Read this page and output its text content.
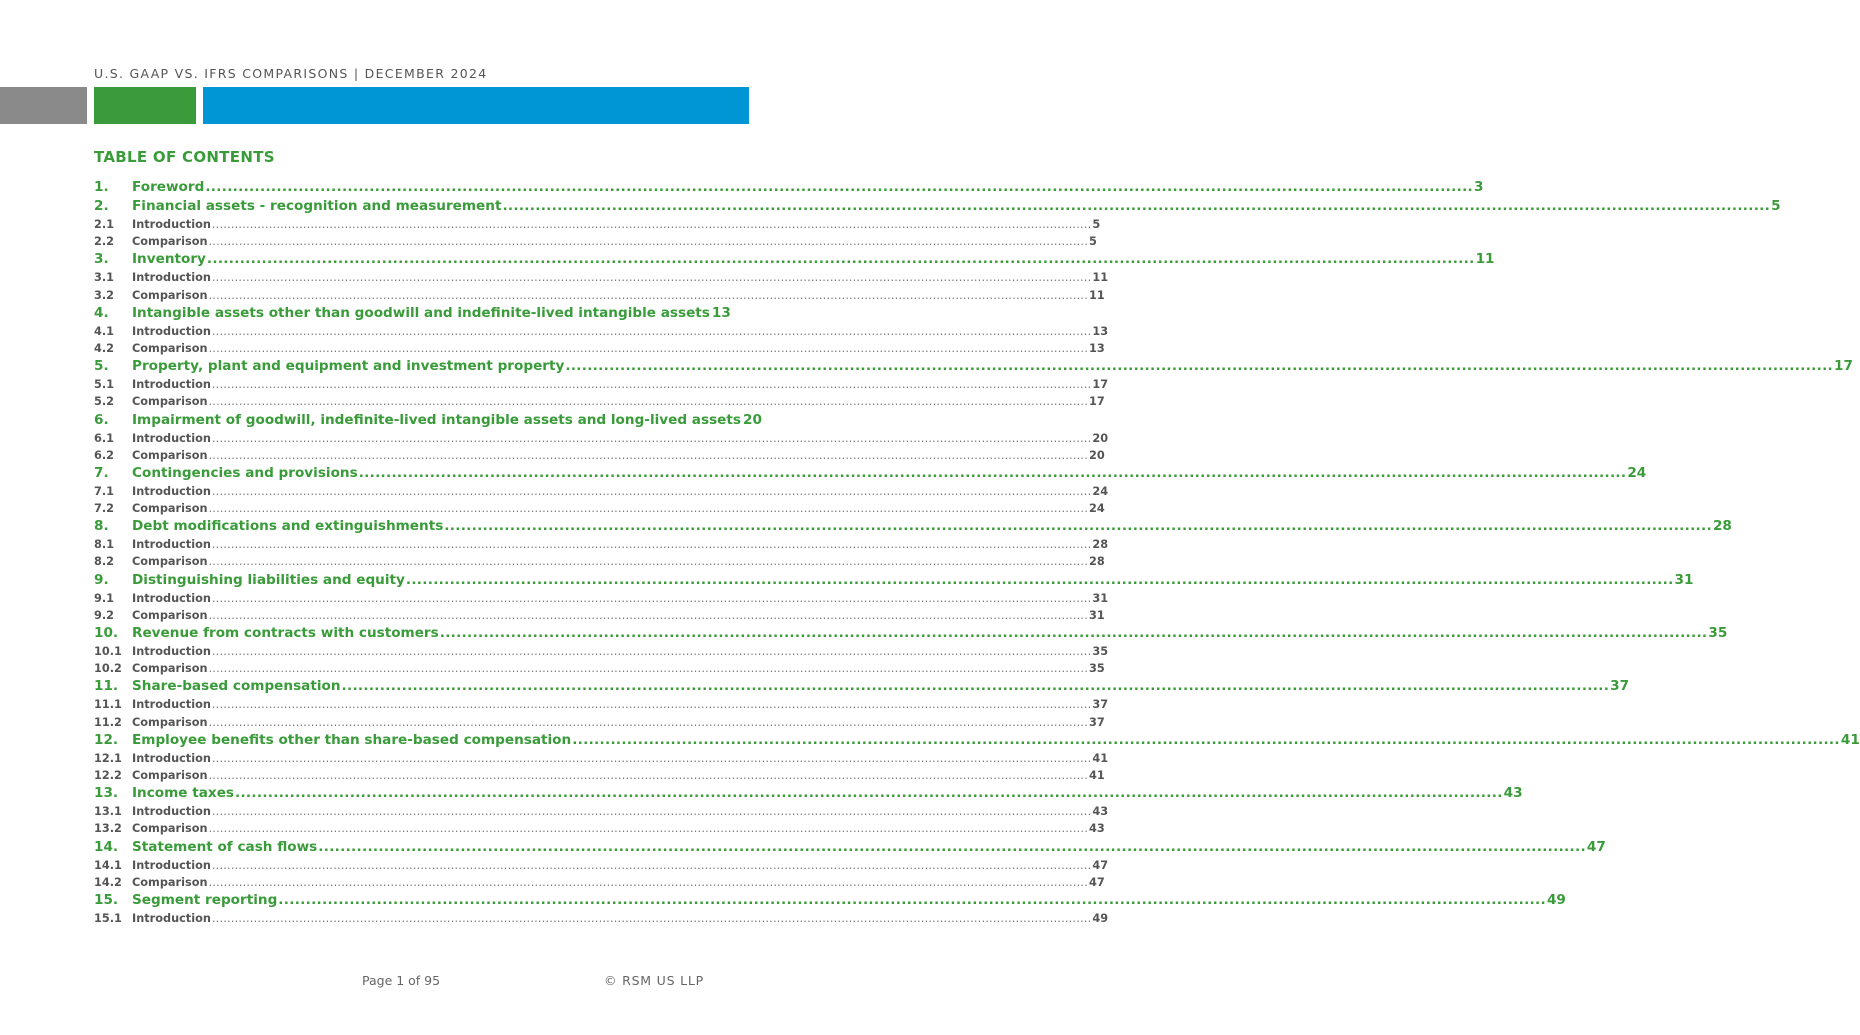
U.S. GAAP VS. IFRS COMPARISONS | DECEMBER 2024
TABLE OF CONTENTS
1.	Foreword .....	3
2.	Financial assets - recognition and measurement .....	5
2.1	Introduction .....	5
2.2	Comparison .....	5
3.	Inventory .....	11
3.1	Introduction .....	11
3.2	Comparison .....	11
4.	Intangible assets other than goodwill and indefinite-lived intangible assets 13
4.1	Introduction .....	13
4.2	Comparison .....	13
5.	Property, plant and equipment and investment property .....	17
5.1	Introduction .....	17
5.2	Comparison .....	17
6.	Impairment of goodwill, indefinite-lived intangible assets and long-lived assets 20
6.1	Introduction .....	20
6.2	Comparison .....	20
7.	Contingencies and provisions .....	24
7.1	Introduction .....	24
7.2	Comparison .....	24
8.	Debt modifications and extinguishments .....	28
8.1	Introduction .....	28
8.2	Comparison .....	28
9.	Distinguishing liabilities and equity .....	31
9.1	Introduction .....	31
9.2	Comparison .....	31
10.	Revenue from contracts with customers .....	35
10.1 Introduction .....	35
10.2 Comparison .....	35
11.	Share-based compensation .....	37
11.1 Introduction .....	37
11.2 Comparison .....	37
12.	Employee benefits other than share-based compensation .....	41
12.1 Introduction .....	41
12.2 Comparison .....	41
13.	Income taxes .....	43
13.1 Introduction .....	43
13.2 Comparison .....	43
14.	Statement of cash flows .....	47
14.1 Introduction .....	47
14.2 Comparison .....	47
15.	Segment reporting .....	49
15.1 Introduction .....	49
Page 1 of 95	© RSM US LLP
